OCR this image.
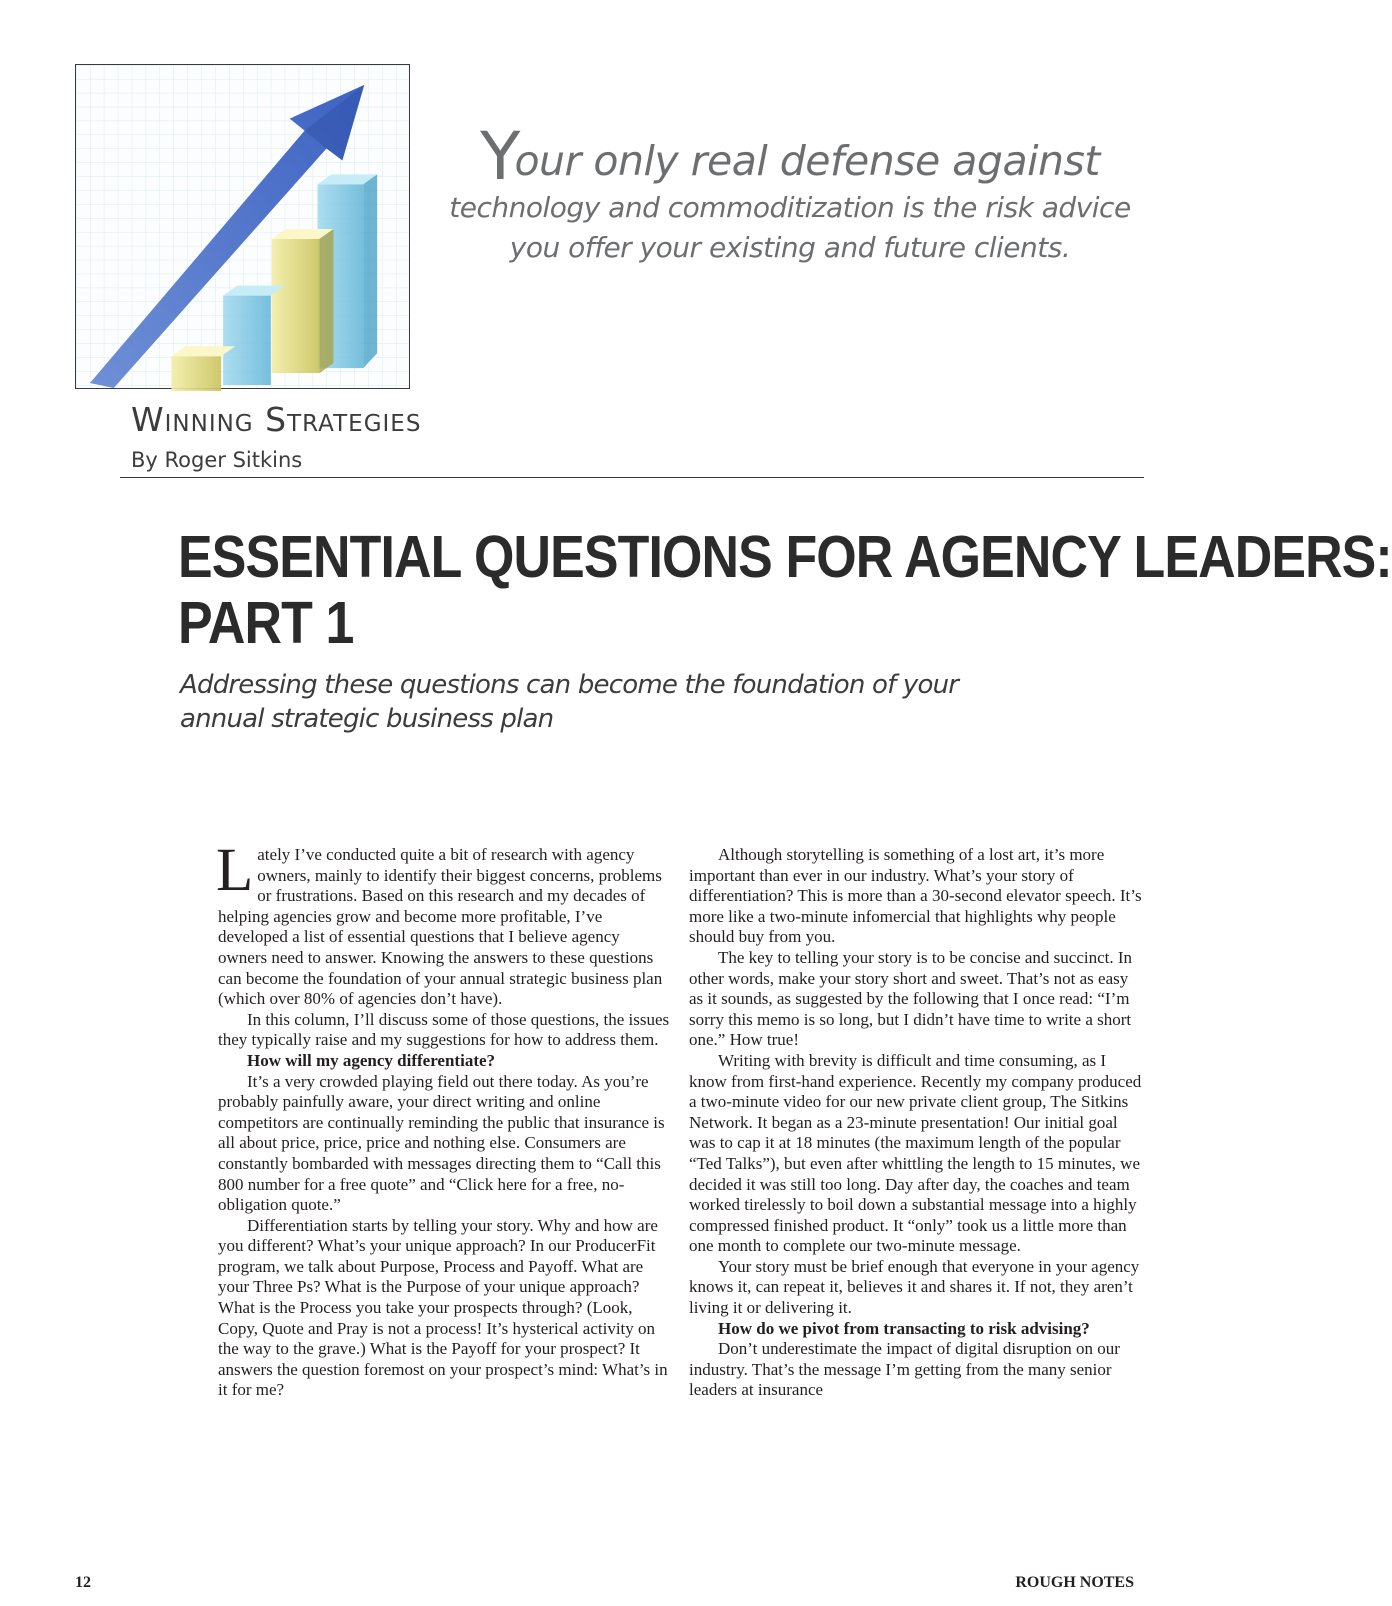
Your only real defense against
technology and commoditization is the risk advice
you offer your existing and future clients.
Winning Strategies
By Roger Sitkins
ESSENTIAL QUESTIONS FOR AGENCY LEADERS:
PART 1
Addressing these questions can become the foundation of your annual strategic business plan

Lately I’ve conducted quite a bit of research with agency owners, mainly to identify their biggest concerns, problems or frustrations. Based on this research and my decades of helping agencies grow and become more profitable, I’ve developed a list of essential questions that I believe agency owners need to answer. Knowing the answers to these questions can become the foundation of your annual strategic business plan (which over 80% of agencies don’t have).

In this column, I’ll discuss some of those questions, the issues they typically raise and my suggestions for how to address them.

How will my agency differentiate?

It’s a very crowded playing field out there today. As you’re probably painfully aware, your direct writing and online competitors are continually reminding the public that insurance is all about price, price, price and nothing else. Consumers are constantly bombarded with messages directing them to “Call this 800 number for a free quote” and “Click here for a free, no-obligation quote.”

Differentiation starts by telling your story. Why and how are you different? What’s your unique approach? In our ProducerFit program, we talk about Purpose, Process and Payoff. What are your Three Ps? What is the Purpose of your unique approach? What is the Process you take your prospects through? (Look, Copy, Quote and Pray is not a process! It’s hysterical activity on the way to the grave.) What is the Payoff for your prospect? It answers the question foremost on your prospect’s mind: What’s in it for me?

Although storytelling is something of a lost art, it’s more important than ever in our industry. What’s your story of differentiation? This is more than a 30-second elevator speech. It’s more like a two-minute infomercial that highlights why people should buy from you.

The key to telling your story is to be concise and succinct. In other words, make your story short and sweet. That’s not as easy as it sounds, as suggested by the following that I once read: “I’m sorry this memo is so long, but I didn’t have time to write a short one.” How true!

Writing with brevity is difficult and time consuming, as I know from first-hand experience. Recently my company produced a two-minute video for our new private client group, The Sitkins Network. It began as a 23-minute presentation! Our initial goal was to cap it at 18 minutes (the maximum length of the popular “Ted Talks”), but even after whittling the length to 15 minutes, we decided it was still too long. Day after day, the coaches and team worked tirelessly to boil down a substantial message into a highly compressed finished product. It “only” took us a little more than one month to complete our two-minute message.

Your story must be brief enough that everyone in your agency knows it, can repeat it, believes it and shares it. If not, they aren’t living it or delivering it.

How do we pivot from transacting to risk advising?

Don’t underestimate the impact of digital disruption on our industry. That’s the message I’m getting from the many senior leaders at insurance

12	ROUGH NOTES
